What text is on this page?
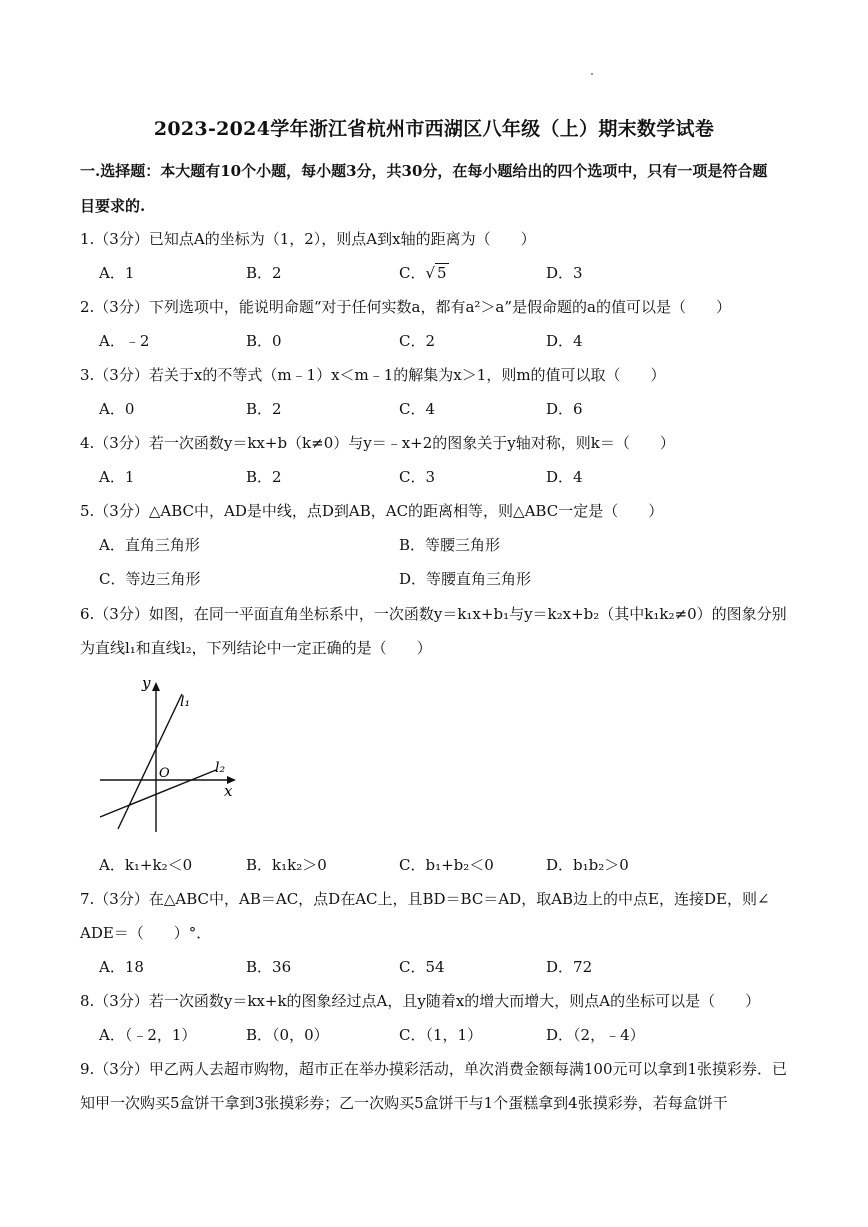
2023-2024学年浙江省杭州市西湖区八年级（上）期末数学试卷
一.选择题：本大题有10个小题，每小题3分，共30分，在每小题给出的四个选项中，只有一项是符合题
目要求的.
1.（3分）已知点A的坐标为（1，2），则点A到x轴的距离为（　　）
A．1	B．2	C．√ 5	D．3
2.（3分）下列选项中，能说明命题“对于任何实数a，都有a²＞a”是假命题的a的值可以是（　　）
A．﹣2	B．0	C．2	D．4
3.（3分）若关于x的不等式（m﹣1）x＜m﹣1的解集为x＞1，则m的值可以取（　　）
A．0	B．2	C．4	D．6
4.（3分）若一次函数y＝kx+b（k≠0）与y＝﹣x+2的图象关于y轴对称，则k＝（　　）
A．1	B．2	C．3	D．4
5.（3分）△ABC中，AD是中线，点D到AB，AC的距离相等，则△ABC一定是（　　）
A．直角三角形	B．等腰三角形
C．等边三角形	D．等腰直角三角形
6.（3分）如图，在同一平面直角坐标系中，一次函数y＝k₁x+b₁与y＝k₂x+b₂（其中k₁k₂≠0）的图象分别
为直线l₁和直线l₂，下列结论中一定正确的是（　　）
y
x
O
l₁
l₂
A．k₁+k₂＜0	B．k₁k₂＞0	C．b₁+b₂＜0	D．b₁b₂＞0
7.（3分）在△ABC中，AB＝AC，点D在AC上，且BD＝BC＝AD，取AB边上的中点E，连接DE，则∠
ADE＝（　　）°．
A．18	B．36	C．54	D．72
8.（3分）若一次函数y＝kx+k的图象经过点A，且y随着x的增大而增大，则点A的坐标可以是（　　）
A．（﹣2，1）	B．（0，0）	C．（1，1）	D．（2，﹣4）
9.（3分）甲乙两人去超市购物，超市正在举办摸彩活动，单次消费金额每满100元可以拿到1张摸彩券．已
知甲一次购买5盒饼干拿到3张摸彩券；乙一次购买5盒饼干与1个蛋糕拿到4张摸彩券，若每盒饼干
